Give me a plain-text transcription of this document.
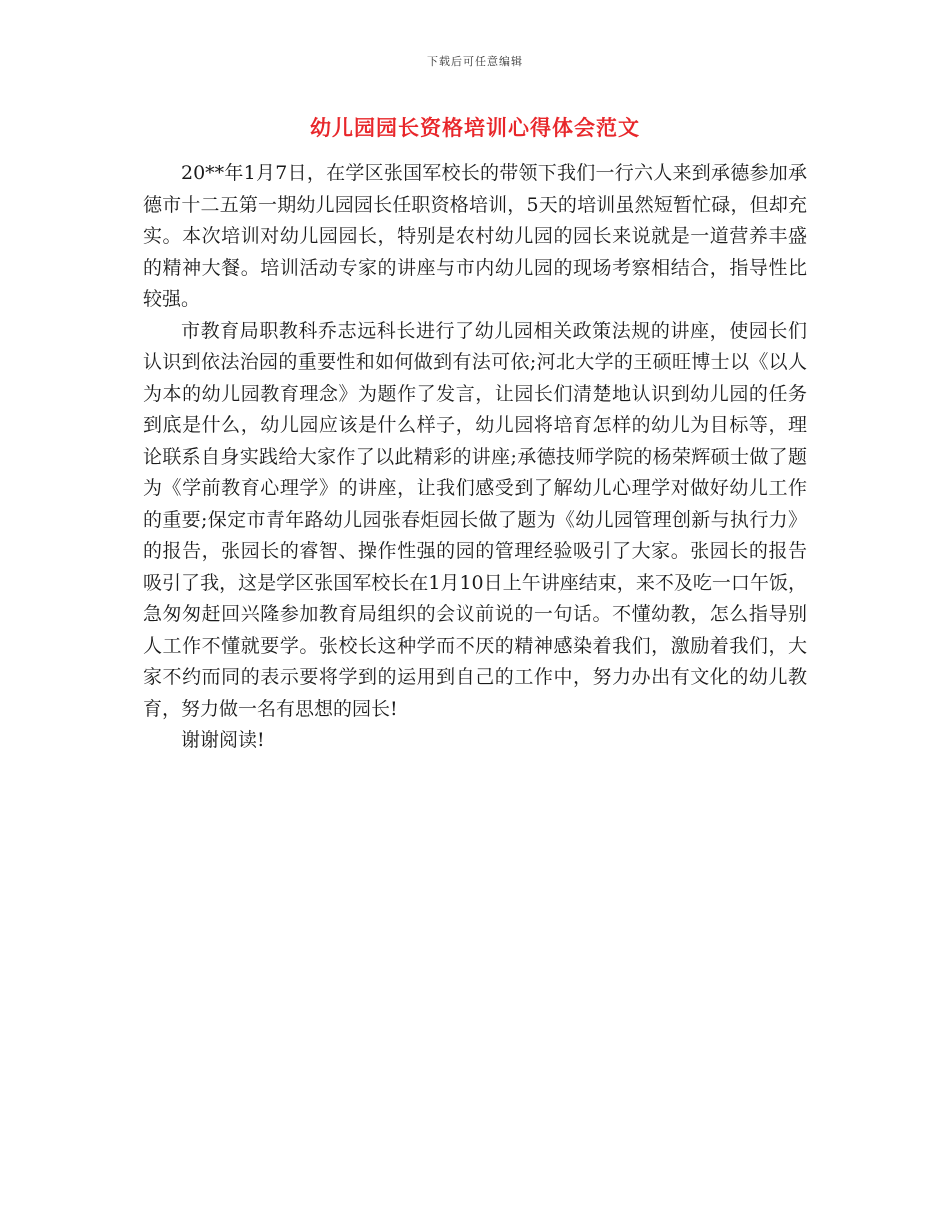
下载后可任意编辑
幼儿园园长资格培训心得体会范文

20**年1月7日，在学区张国军校长的带领下我们一行六人来到承德参加承德市十二五第一期幼儿园园长任职资格培训，5天的培训虽然短暂忙碌，但却充实。本次培训对幼儿园园长，特别是农村幼儿园的园长来说就是一道营养丰盛的精神大餐。培训活动专家的讲座与市内幼儿园的现场考察相结合，指导性比较强。

市教育局职教科乔志远科长进行了幼儿园相关政策法规的讲座，使园长们认识到依法治园的重要性和如何做到有法可依;河北大学的王硕旺博士以《以人为本的幼儿园教育理念》为题作了发言，让园长们清楚地认识到幼儿园的任务到底是什么，幼儿园应该是什么样子，幼儿园将培育怎样的幼儿为目标等，理论联系自身实践给大家作了以此精彩的讲座;承德技师学院的杨荣辉硕士做了题为《学前教育心理学》的讲座，让我们感受到了解幼儿心理学对做好幼儿工作的重要;保定市青年路幼儿园张春炬园长做了题为《幼儿园管理创新与执行力》的报告，张园长的睿智、操作性强的园的管理经验吸引了大家。张园长的报告吸引了我，这是学区张国军校长在1月10日上午讲座结束，来不及吃一口午饭，急匆匆赶回兴隆参加教育局组织的会议前说的一句话。不懂幼教，怎么指导别人工作不懂就要学。张校长这种学而不厌的精神感染着我们，激励着我们，大家不约而同的表示要将学到的运用到自己的工作中，努力办出有文化的幼儿教育，努力做一名有思想的园长!

谢谢阅读!
